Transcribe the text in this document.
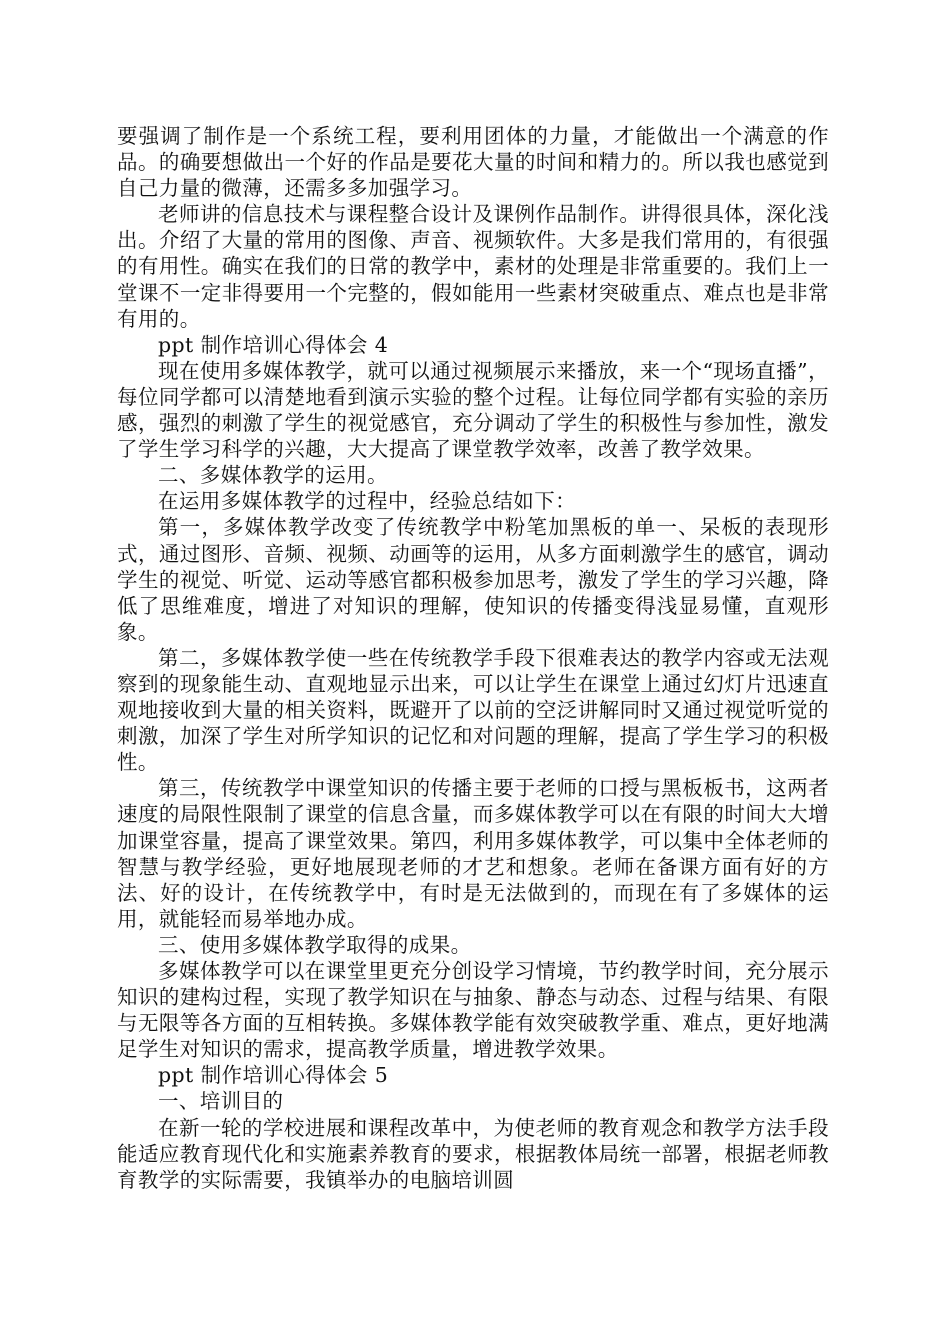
要强调了制作是一个系统工程，要利用团体的力量，才能做出一个满意的作品。的确要想做出一个好的作品是要花大量的时间和精力的。所以我也感觉到自己力量的微薄，还需多多加强学习。

老师讲的信息技术与课程整合设计及课例作品制作。讲得很具体，深化浅出。介绍了大量的常用的图像、声音、视频软件。大多是我们常用的，有很强的有用性。确实在我们的日常的教学中，素材的处理是非常重要的。我们上一堂课不一定非得要用一个完整的，假如能用一些素材突破重点、难点也是非常有用的。

ppt 制作培训心得体会 4

现在使用多媒体教学，就可以通过视频展示来播放，来一个“现场直播”，每位同学都可以清楚地看到演示实验的整个过程。让每位同学都有实验的亲历感，强烈的刺激了学生的视觉感官，充分调动了学生的积极性与参加性，激发了学生学习科学的兴趣，大大提高了课堂教学效率，改善了教学效果。

二、多媒体教学的运用。

在运用多媒体教学的过程中，经验总结如下：

第一，多媒体教学改变了传统教学中粉笔加黑板的单一、呆板的表现形式，通过图形、音频、视频、动画等的运用，从多方面刺激学生的感官，调动学生的视觉、听觉、运动等感官都积极参加思考，激发了学生的学习兴趣，降低了思维难度，增进了对知识的理解，使知识的传播变得浅显易懂，直观形象。

第二，多媒体教学使一些在传统教学手段下很难表达的教学内容或无法观察到的现象能生动、直观地显示出来，可以让学生在课堂上通过幻灯片迅速直观地接收到大量的相关资料，既避开了以前的空泛讲解同时又通过视觉听觉的刺激，加深了学生对所学知识的记忆和对问题的理解，提高了学生学习的积极性。

第三，传统教学中课堂知识的传播主要于老师的口授与黑板板书，这两者速度的局限性限制了课堂的信息含量，而多媒体教学可以在有限的时间大大增加课堂容量，提高了课堂效果。第四，利用多媒体教学，可以集中全体老师的智慧与教学经验，更好地展现老师的才艺和想象。老师在备课方面有好的方法、好的设计，在传统教学中，有时是无法做到的，而现在有了多媒体的运用，就能轻而易举地办成。

三、使用多媒体教学取得的成果。

多媒体教学可以在课堂里更充分创设学习情境，节约教学时间，充分展示知识的建构过程，实现了教学知识在与抽象、静态与动态、过程与结果、有限与无限等各方面的互相转换。多媒体教学能有效突破教学重、难点，更好地满足学生对知识的需求，提高教学质量，增进教学效果。

ppt 制作培训心得体会 5

一、培训目的

在新一轮的学校进展和课程改革中，为使老师的教育观念和教学方法手段能适应教育现代化和实施素养教育的要求，根据教体局统一部署，根据老师教育教学的实际需要，我镇举办的电脑培训圆
